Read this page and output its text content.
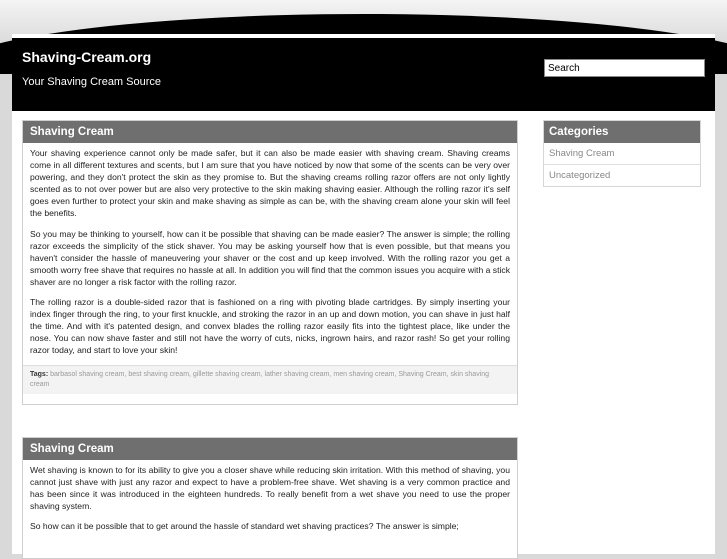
Shaving-Cream.org
Your Shaving Cream Source
Search
Shaving Cream

Your shaving experience cannot only be made safer, but it can also be made easier with shaving cream. Shaving creams come in all different textures and scents, but I am sure that you have noticed by now that some of the scents can be very over powering, and they don't protect the skin as they promise to. But the shaving creams rolling razor offers are not only lightly scented as to not over power but are also very protective to the skin making shaving easier. Although the rolling razor it's self goes even further to protect your skin and make shaving as simple as can be, with the shaving cream alone your skin will feel the benefits.

So you may be thinking to yourself, how can it be possible that shaving can be made easier? The answer is simple; the rolling razor exceeds the simplicity of the stick shaver. You may be asking yourself how that is even possible, but that means you haven't consider the hassle of maneuvering your shaver or the cost and up keep involved. With the rolling razor you get a smooth worry free shave that requires no hassle at all. In addition you will find that the common issues you acquire with a stick shaver are no longer a risk factor with the rolling razor.

The rolling razor is a double-sided razor that is fashioned on a ring with pivoting blade cartridges. By simply inserting your index finger through the ring, to your first knuckle, and stroking the razor in an up and down motion, you can shave in just half the time. And with it's patented design, and convex blades the rolling razor easily fits into the tightest place, like under the nose. You can now shave faster and still not have the worry of cuts, nicks, ingrown hairs, and razor rash! So get your rolling razor today, and start to love your skin!

Tags: barbasol shaving cream, best shaving cream, gillette shaving cream, lather shaving cream, men shaving cream, Shaving Cream, skin shaving cream
Shaving Cream

Wet shaving is known to for its ability to give you a closer shave while reducing skin irritation. With this method of shaving, you cannot just shave with just any razor and expect to have a problem-free shave. Wet shaving is a very common practice and has been since it was introduced in the eighteen hundreds. To really benefit from a wet shave you need to use the proper shaving system.

So how can it be possible that to get around the hassle of standard wet shaving practices? The answer is simple;

Categories
Shaving Cream
Uncategorized
